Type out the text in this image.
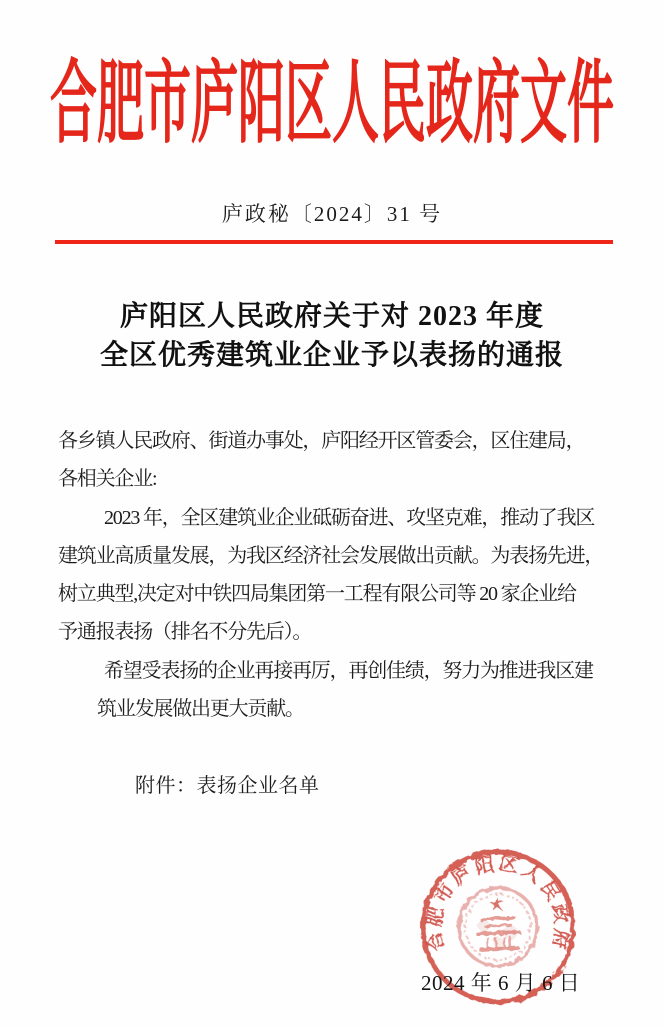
合肥市庐阳区人民政府文件
庐政秘〔2024〕31 号
庐阳区人民政府关于对 2023 年度
全区优秀建筑业企业予以表扬的通报
各乡镇人民政府、街道办事处，庐阳经开区管委会，区住建局，
各相关企业:
2023 年，全区建筑业企业砥砺奋进、攻坚克难，推动了我区
建筑业高质量发展，为我区经济社会发展做出贡献。为表扬先进，
树立典型,决定对中铁四局集团第一工程有限公司等 20 家企业给
予通报表扬（排名不分先后）。
希望受表扬的企业再接再厉，再创佳绩，努力为推进我区建
筑业发展做出更大贡献。
附件：表扬企业名单
合肥市庐阳区人民政府
2024 年 6 月 6 日
